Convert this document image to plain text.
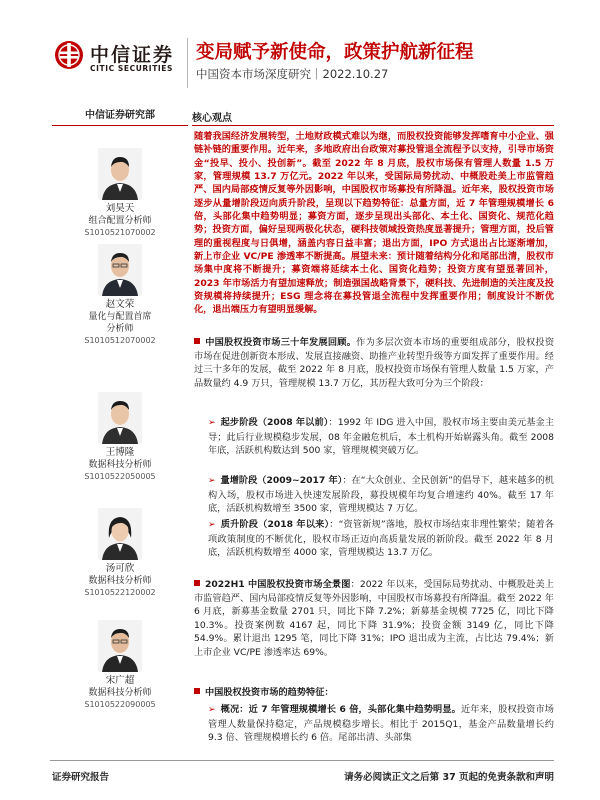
中信证券
CITIC SECURITIES
变局赋予新使命，政策护航新征程
中国资本市场深度研究｜2022.10.27
中信证券研究部
刘昊天
组合配置分析师
S1010521070002
赵文荣
量化与配置首席
分析师
S1010512070002
王博隆
数据科技分析师
S1010522050005
汤可欣
数据科技分析师
S1010522120002
宋广超
数据科技分析师
S1010522090005
核心观点
随着我国经济发展转型，土地财政模式难以为继，而股权投资能够发挥嗜育中小企业、强链补链的重要作用。近年来，多地政府出台政策对募投管退全流程予以支持，引导市场资金“投早、投小、投创新”。截至 2022 年 8 月底，股权市场保有管理人数量 1.5 万家，管理规模 13.7 万亿元。2022 年以来，受国际局势扰动、中概股赴美上市监管趋严、国内局部疫情反复等外因影响，中国股权市场募投有所降温。近年来，股权投资市场逐步从量增阶段迈向质升阶段，呈现以下趋势特征：总量方面，近 7 年管理规模增长 6 倍，头部化集中趋势明显；募资方面，逐步呈现出头部化、本土化、国资化、规范化趋势；投资方面，偏好呈现两极化状态，硬科技领域投资热度显著提升；管理方面，投后管理的重视程度与日俱增，涵盖内容日益丰富；退出方面，IPO 方式退出占比逐渐增加，新上市企业 VC/PE 渗透率不断提高。展望未来：预计随着结构分化和尾部出清，股权市场集中度将不断提升；募资端将延续本土化、国资化趋势；投资方度有望显著回补，2023 年市场活力有望加速释放；制造强国战略背景下，硬科技、先进制造的关注度及投资规模将持续提升；ESG 理念将在募投管退全流程中发挥重要作用；制度设计不断优化，退出端压力有望明显缓解。
中国股权投资市场三十年发展回顾。作为多层次资本市场的重要组成部分，股权投资市场在促进创新资本形成、发展直接融资、助推产业转型升级等方面发挥了重要作用。经过三十多年的发展，截至 2022 年 8 月底，股权投资市场保有管理人数量 1.5 万家，产品数量约 4.9 万只，管理规模 13.7 万亿，其历程大致可分为三个阶段：
➢ 起步阶段（2008 年以前）：1992 年 IDG 进入中国，股权市场主要由美元基金主导；此后行业规模稳步发展，08 年金融危机后，本土机构开始崭露头角。截至 2008 年底，活跃机构数达到 500 家，管理规模突破万亿。
➢ 量增阶段（2009~2017 年）：在“大众创业、全民创新”的倡导下，越来越多的机构入场，股权市场进入快速发展阶段，募投规模年均复合增速约 40%。截至 17 年底，活跃机构数增至 3500 家，管理规模达 7 万亿。
➢ 质升阶段（2018 年以来）：“资管新规”落地，股权市场结束非理性繁荣；随着各项政策制度的不断优化，股权市场正迈向高质量发展的新阶段。截至 2022 年 8 月底，活跃机构数增至 4000 家，管理规模达 13.7 万亿。
2022H1 中国股权投资市场全景图：2022 年以来，受国际局势扰动、中概股赴美上市监管趋严、国内局部疫情反复等外因影响，中国股权市场募投有所降温。截至 2022 年 6 月底，新募基金数量 2701 只，同比下降 7.2%；新募基金规模 7725 亿，同比下降 10.3%。投资案例数 4167 起，同比下降 31.9%；投资金额 3149 亿，同比下降 54.9%。累计退出 1295 笔，同比下降 31%；IPO 退出成为主流，占比达 79.4%；新上市企业 VC/PE 渗透率达 69%。
中国股权投资市场的趋势特征：
➢ 概况：近 7 年管理规模增长 6 倍，头部化集中趋势明显。近年来，股权投资市场管理人数量保持稳定，产品规模稳步增长。相比于 2015Q1，基金产品数量增长约 9.3 倍、管理规模增长约 6 倍。尾部出清、头部集
证券研究报告	请务必阅读正文之后第 37 页起的免责条款和声明
